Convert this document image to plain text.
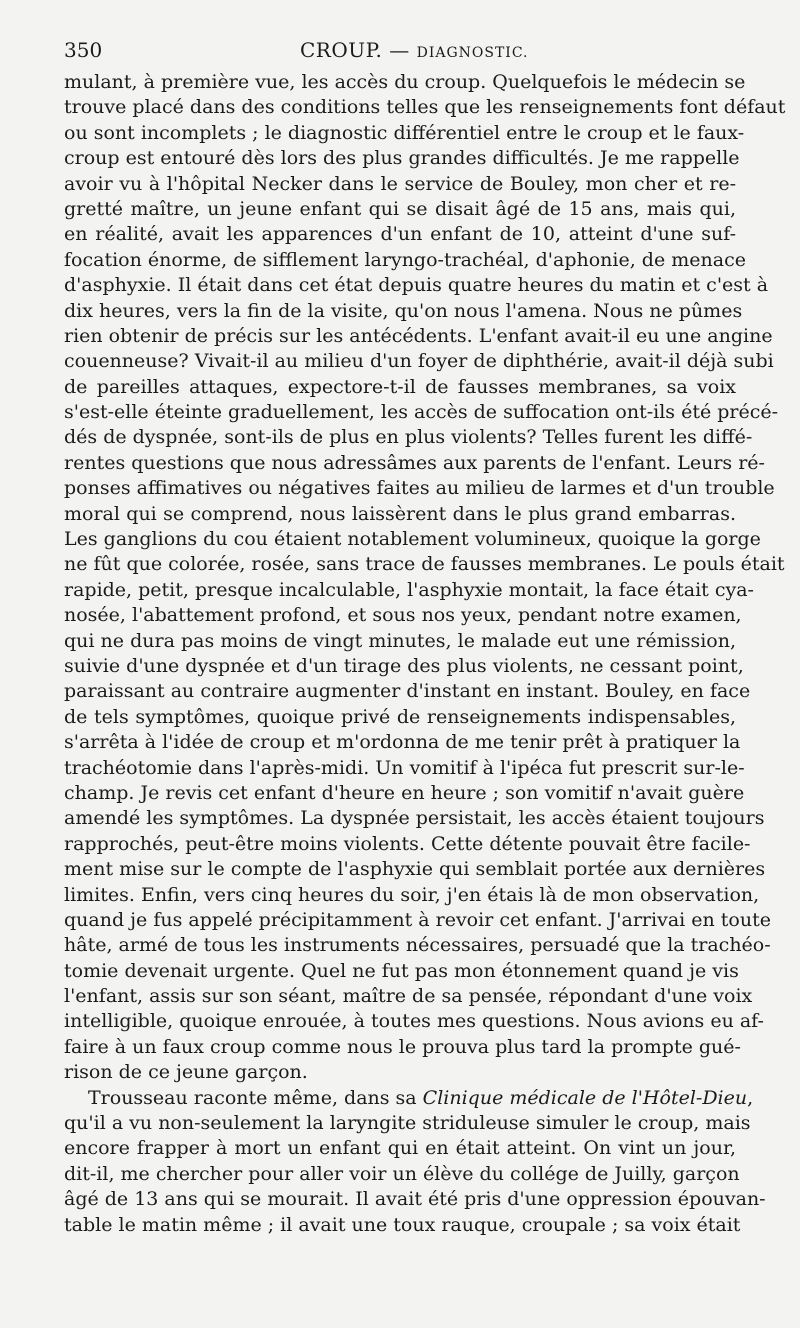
350	CROUP. — DIAGNOSTIC.
mulant, à première vue, les accès du croup. Quelquefois le médecin se
trouve placé dans des conditions telles que les renseignements font défaut
ou sont incomplets ; le diagnostic différentiel entre le croup et le faux-
croup est entouré dès lors des plus grandes difficultés. Je me rappelle
avoir vu à l'hôpital Necker dans le service de Bouley, mon cher et re-
gretté maître, un jeune enfant qui se disait âgé de 15 ans, mais qui,
en réalité, avait les apparences d'un enfant de 10, atteint d'une suf-
focation énorme, de sifflement laryngo-trachéal, d'aphonie, de menace
d'asphyxie. Il était dans cet état depuis quatre heures du matin et c'est à
dix heures, vers la fin de la visite, qu'on nous l'amena. Nous ne pûmes
rien obtenir de précis sur les antécédents. L'enfant avait-il eu une angine
couenneuse? Vivait-il au milieu d'un foyer de diphthérie, avait-il déjà subi
de pareilles attaques, expectore-t-il de fausses membranes, sa voix
s'est-elle éteinte graduellement, les accès de suffocation ont-ils été précé-
dés de dyspnée, sont-ils de plus en plus violents? Telles furent les diffé-
rentes questions que nous adressâmes aux parents de l'enfant. Leurs ré-
ponses affimatives ou négatives faites au milieu de larmes et d'un trouble
moral qui se comprend, nous laissèrent dans le plus grand embarras.
Les ganglions du cou étaient notablement volumineux, quoique la gorge
ne fût que colorée, rosée, sans trace de fausses membranes. Le pouls était
rapide, petit, presque incalculable, l'asphyxie montait, la face était cya-
nosée, l'abattement profond, et sous nos yeux, pendant notre examen,
qui ne dura pas moins de vingt minutes, le malade eut une rémission,
suivie d'une dyspnée et d'un tirage des plus violents, ne cessant point,
paraissant au contraire augmenter d'instant en instant. Bouley, en face
de tels symptômes, quoique privé de renseignements indispensables,
s'arrêta à l'idée de croup et m'ordonna de me tenir prêt à pratiquer la
trachéotomie dans l'après-midi. Un vomitif à l'ipéca fut prescrit sur-le-
champ. Je revis cet enfant d'heure en heure ; son vomitif n'avait guère
amendé les symptômes. La dyspnée persistait, les accès étaient toujours
rapprochés, peut-être moins violents. Cette détente pouvait être facile-
ment mise sur le compte de l'asphyxie qui semblait portée aux dernières
limites. Enfin, vers cinq heures du soir, j'en étais là de mon observation,
quand je fus appelé précipitamment à revoir cet enfant. J'arrivai en toute
hâte, armé de tous les instruments nécessaires, persuadé que la trachéo-
tomie devenait urgente. Quel ne fut pas mon étonnement quand je vis
l'enfant, assis sur son séant, maître de sa pensée, répondant d'une voix
intelligible, quoique enrouée, à toutes mes questions. Nous avions eu af-
faire à un faux croup comme nous le prouva plus tard la prompte gué-
rison de ce jeune garçon.
Trousseau raconte même, dans sa Clinique médicale de l'Hôtel-Dieu,
qu'il a vu non-seulement la laryngite striduleuse simuler le croup, mais
encore frapper à mort un enfant qui en était atteint. On vint un jour,
dit-il, me chercher pour aller voir un élève du collége de Juilly, garçon
âgé de 13 ans qui se mourait. Il avait été pris d'une oppression épouvan-
table le matin même ; il avait une toux rauque, croupale ; sa voix était
